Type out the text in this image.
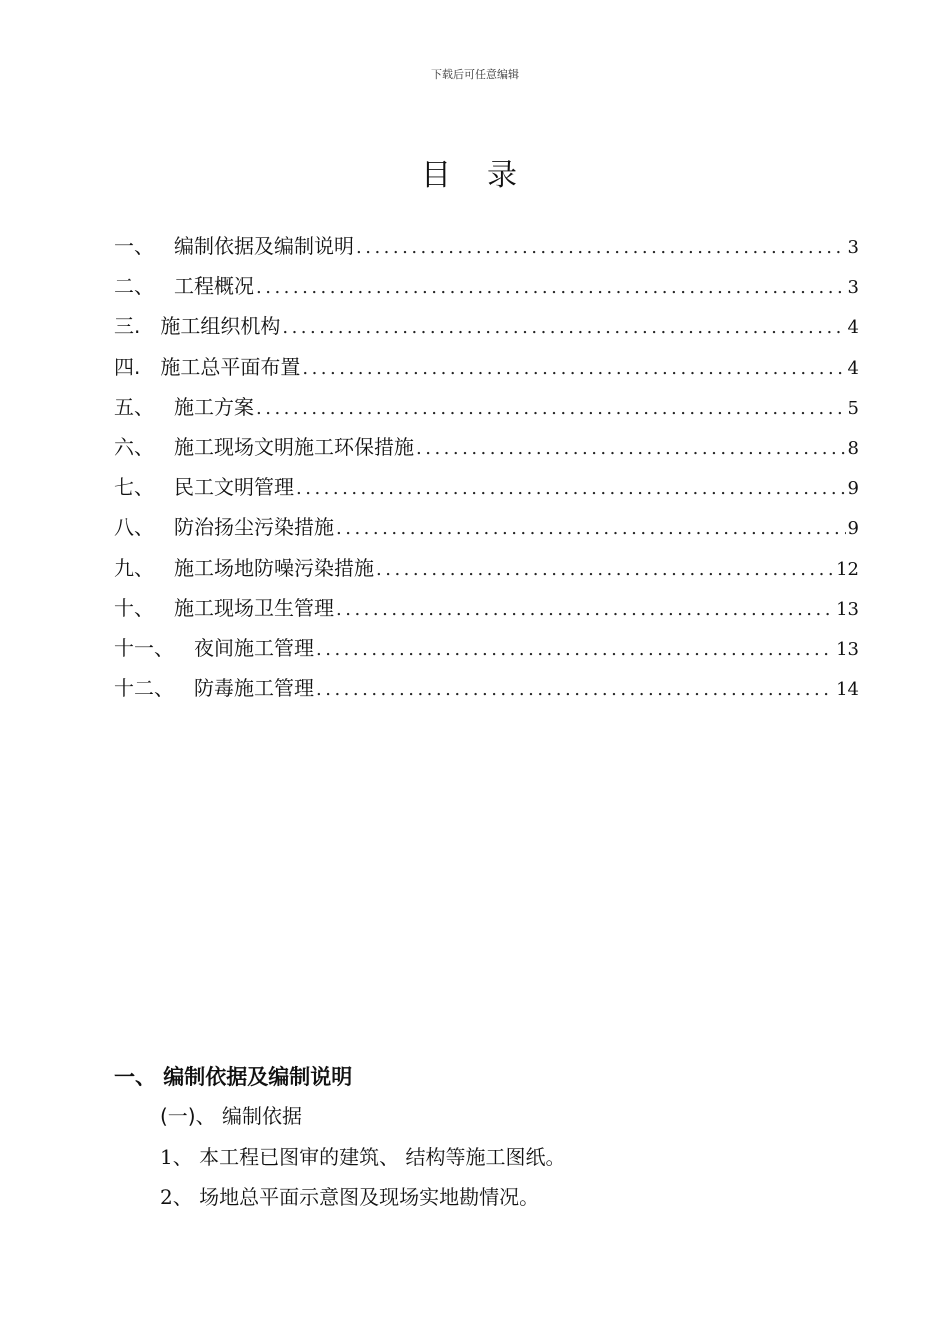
下载后可任意编辑
目录
一、  编制依据及编制说明 .....	3
二、  工程概况 .....	3
三.  施工组织机构 .....	4
四.  施工总平面布置 .....	4
五、  施工方案 .....	5
六、  施工现场文明施工环保措施 .....	8
七、  民工文明管理 .....	9
八、  防治扬尘污染措施 .....	9
九、  施工场地防噪污染措施 .....	12
十、  施工现场卫生管理 .....	13
十一、  夜间施工管理 .....	13
十二、  防毒施工管理 .....	14
一、 编制依据及编制说明
(一)、 编制依据
1、 本工程已图审的建筑、 结构等施工图纸。
2、 场地总平面示意图及现场实地勘情况。
